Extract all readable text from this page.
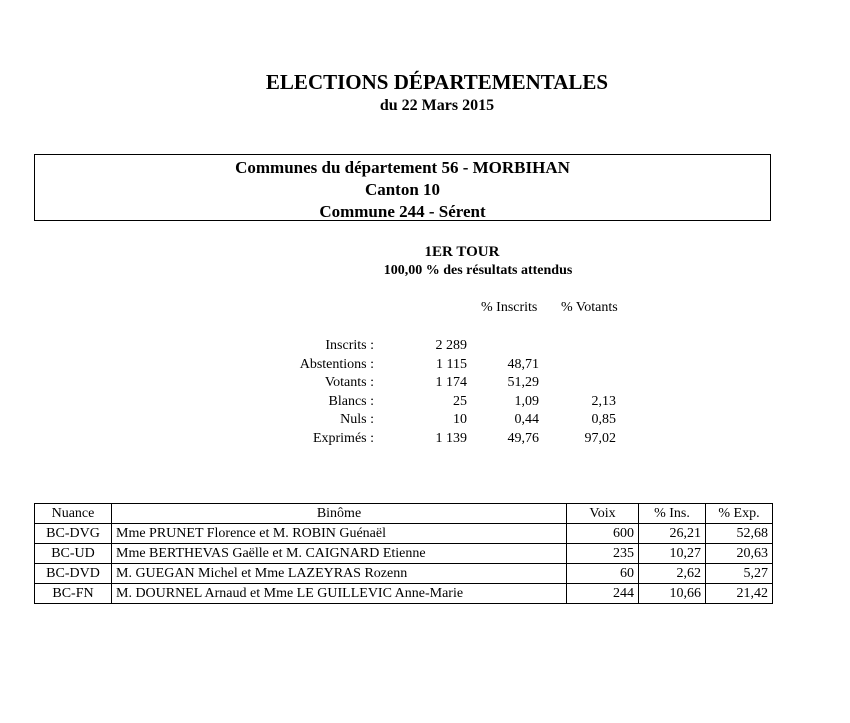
ELECTIONS DÉPARTEMENTALES
du 22 Mars 2015
Communes du département 56 - MORBIHAN
Canton 10
Commune 244 - Sérent
1ER TOUR
100,00 % des résultats attendus
% Inscrits % Votants
Inscrits :	2 289
Abstentions :	1 115	48,71
Votants :	1 174	51,29
Blancs :	25	1,09	2,13
Nuls :	10	0,44	0,85
Exprimés :	1 139	49,76	97,02
Nuance	Binôme	Voix	% Ins.	% Exp.
BC-DVG	Mme PRUNET Florence et M. ROBIN Guénaël	600	26,21	52,68
BC-UD	Mme BERTHEVAS Gaëlle et M. CAIGNARD Etienne	235	10,27	20,63
BC-DVD	M. GUEGAN Michel et Mme LAZEYRAS Rozenn	60	2,62	5,27
BC-FN	M. DOURNEL Arnaud et Mme LE GUILLEVIC Anne-Marie	244	10,66	21,42
